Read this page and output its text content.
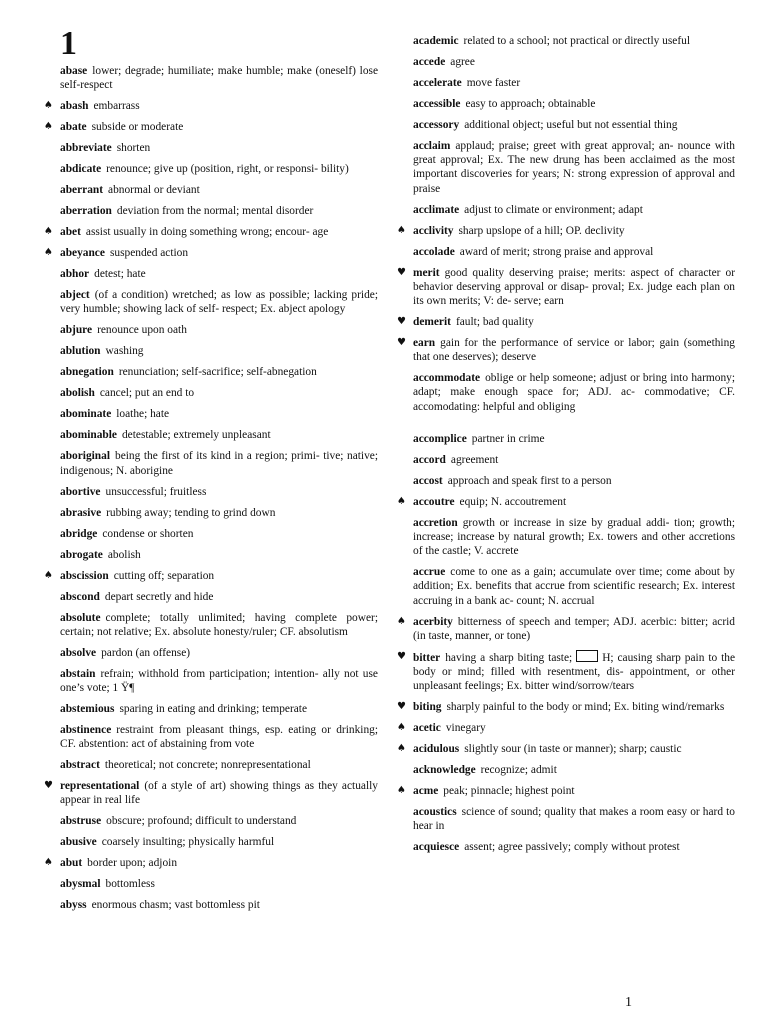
1
abase lower; degrade; humiliate; make humble; make (oneself) lose self-respect
♠ abash embarrass
♠ abate subside or moderate
abbreviate shorten
abdicate renounce; give up (position, right, or responsi- bility)
aberrant abnormal or deviant
aberration deviation from the normal; mental disorder
♠ abet assist usually in doing something wrong; encour- age
♠ abeyance suspended action
abhor detest; hate
abject (of a condition) wretched; as low as possible; lacking pride; very humble; showing lack of self- respect; Ex. abject apology
abjure renounce upon oath
ablution washing
abnegation renunciation; self-sacrifice; self-abnegation
abolish cancel; put an end to
abominate loathe; hate
abominable detestable; extremely unpleasant
aboriginal being the first of its kind in a region; primi- tive; native; indigenous; N. aborigine
abortive unsuccessful; fruitless
abrasive rubbing away; tending to grind down
abridge condense or shorten
abrogate abolish
♠ abscission cutting off; separation
abscond depart secretly and hide
absolute complete; totally unlimited; having complete power; certain; not relative; Ex. absolute honesty/ruler; CF. absolutism
absolve pardon (an offense)
abstain refrain; withhold from participation; intention- ally not use one’s vote; 1 Ÿ¶
abstemious sparing in eating and drinking; temperate
abstinence restraint from pleasant things, esp. eating or drinking; CF. abstention: act of abstaining from vote
abstract theoretical; not concrete; nonrepresentational
♥ representational (of a style of art) showing things as they actually appear in real life
abstruse obscure; profound; difficult to understand
abusive coarsely insulting; physically harmful
♠ abut border upon; adjoin
abysmal bottomless
abyss enormous chasm; vast bottomless pit
academic related to a school; not practical or directly useful
accede agree
accelerate move faster
accessible easy to approach; obtainable
accessory additional object; useful but not essential thing
acclaim applaud; praise; greet with great approval; an- nounce with great approval; Ex. The new drung has been acclaimed as the most important discoveries for years; N: strong expression of approval and praise
acclimate adjust to climate or environment; adapt
♠ acclivity sharp upslope of a hill; OP. declivity
accolade award of merit; strong praise and approval
♥ merit good quality deserving praise; merits: aspect of character or behavior deserving approval or disap- proval; Ex. judge each plan on its own merits; V: de- serve; earn
♥ demerit fault; bad quality
♥ earn gain for the performance of service or labor; gain (something that one deserves); deserve
accommodate oblige or help someone; adjust or bring into harmony; adapt; make enough space for; ADJ. ac- commodative; CF. accomodating: helpful and obliging
accomplice partner in crime
accord agreement
accost approach and speak first to a person
♠ accoutre equip; N. accoutrement
accretion growth or increase in size by gradual addi- tion; growth; increase; increase by natural growth; Ex. towers and other accretions of the castle; V. accrete
accrue come to one as a gain; accumulate over time; come about by addition; Ex. benefits that accrue from scientific research; Ex. interest accruing in a bank ac- count; N. accrual
♠ acerbity bitterness of speech and temper; ADJ. acerbic: bitter; acrid (in taste, manner, or tone)
♥ bitter having a sharp biting taste;	H; causing sharp pain to the body or mind; filled with resentment, dis- appointment, or other unpleasant feelings; Ex. bitter wind/sorrow/tears
♥ biting sharply painful to the body or mind; Ex. biting wind/remarks
♠ acetic vinegary
♠ acidulous slightly sour (in taste or manner); sharp; caustic
acknowledge recognize; admit
♠ acme peak; pinnacle; highest point
acoustics science of sound; quality that makes a room easy or hard to hear in
acquiesce assent; agree passively; comply without protest
1
